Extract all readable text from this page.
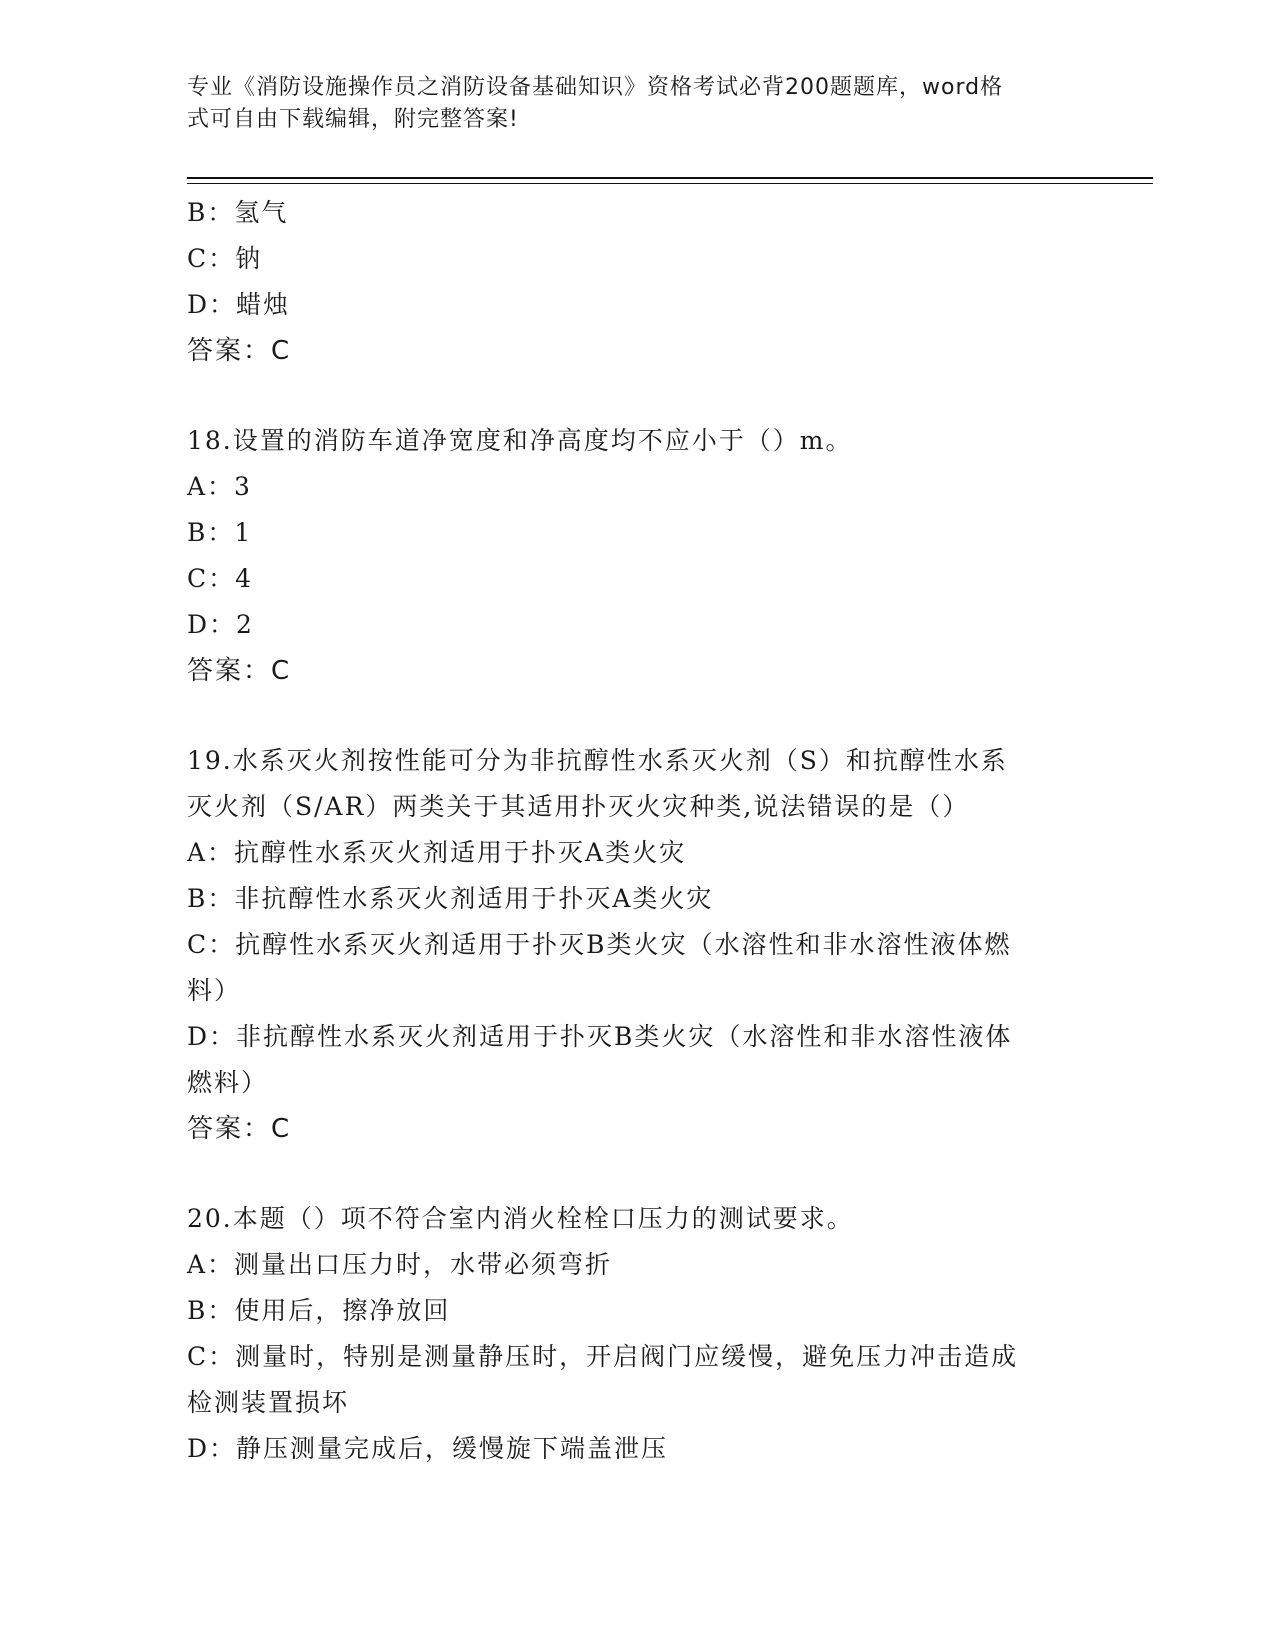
专业《消防设施操作员之消防设备基础知识》资格考试必背200题题库，word格
式可自由下载编辑，附完整答案!
B：氢气
C：钠
D：蜡烛
答案：C
18.设置的消防车道净宽度和净高度均不应小于（）m。
A：3
B：1
C：4
D：2
答案：C
19.水系灭火剂按性能可分为非抗醇性水系灭火剂（S）和抗醇性水系
灭火剂（S/AR）两类关于其适用扑灭火灾种类,说法错误的是（）
A：抗醇性水系灭火剂适用于扑灭A类火灾
B：非抗醇性水系灭火剂适用于扑灭A类火灾
C：抗醇性水系灭火剂适用于扑灭B类火灾（水溶性和非水溶性液体燃
料）
D：非抗醇性水系灭火剂适用于扑灭B类火灾（水溶性和非水溶性液体
燃料）
答案：C
20.本题（）项不符合室内消火栓栓口压力的测试要求。
A：测量出口压力时，水带必须弯折
B：使用后，擦净放回
C：测量时，特别是测量静压时，开启阀门应缓慢，避免压力冲击造成
检测装置损坏
D：静压测量完成后，缓慢旋下端盖泄压
